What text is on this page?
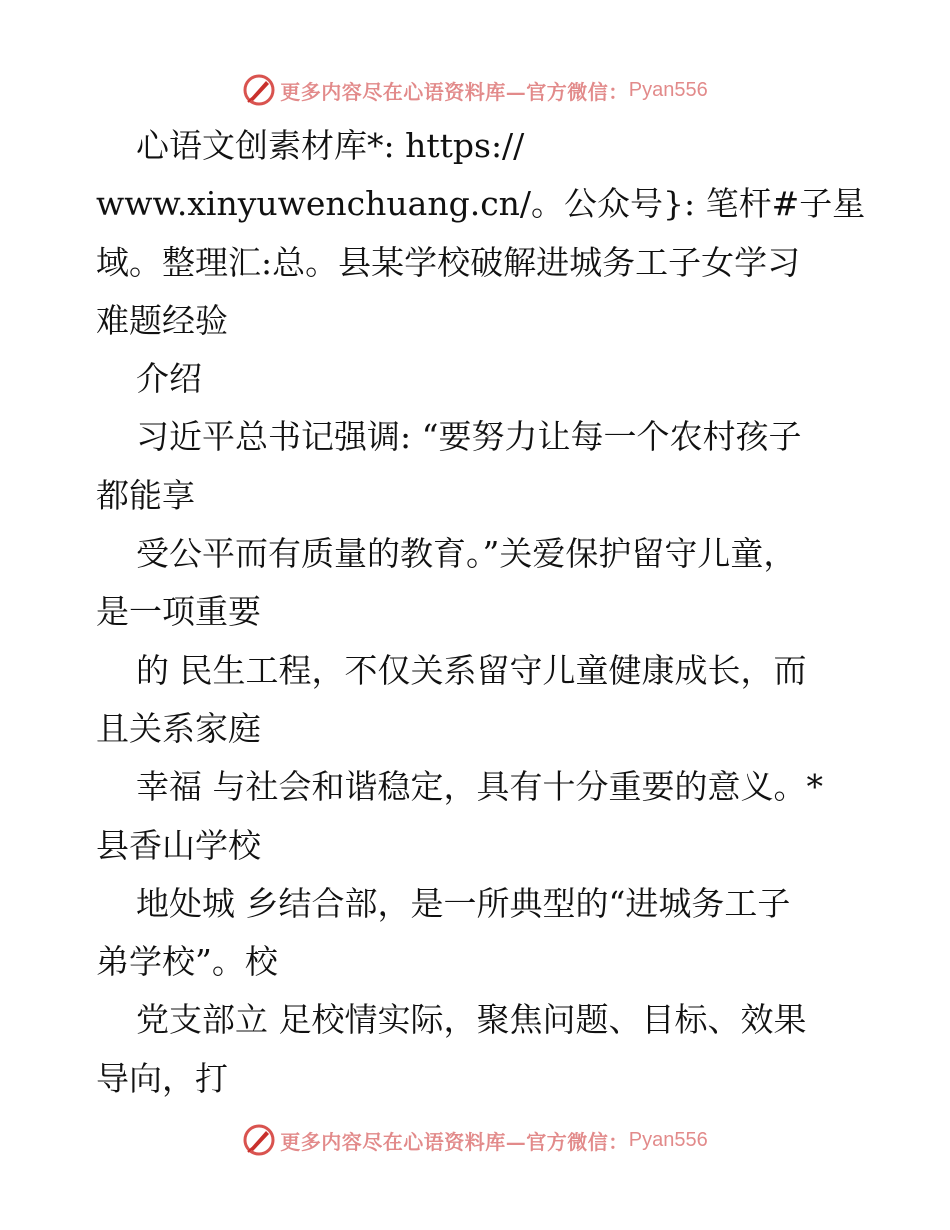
更多内容尽在心语资料库—官方微信： Pyan556
心语文创素材库*: https://
www.xinyuwenchuang.cn/。公众号}: 笔杆#子星
域。整理汇:总。县某学校破解进城务工子女学习
难题经验
介绍
习近平总书记强调: “要努力让每一个农村孩子
都能享
受公平而有质量的教育。”关爱保护留守儿童，
是一项重要
的 民生工程，不仅关系留守儿童健康成长，而
且关系家庭
幸福 与社会和谐稳定，具有十分重要的意义。*
县香山学校
地处城 乡结合部，是一所典型的“进城务工子
弟学校”。校
党支部立 足校情实际，聚焦问题、目标、效果
导向，打
更多内容尽在心语资料库—官方微信： Pyan556
